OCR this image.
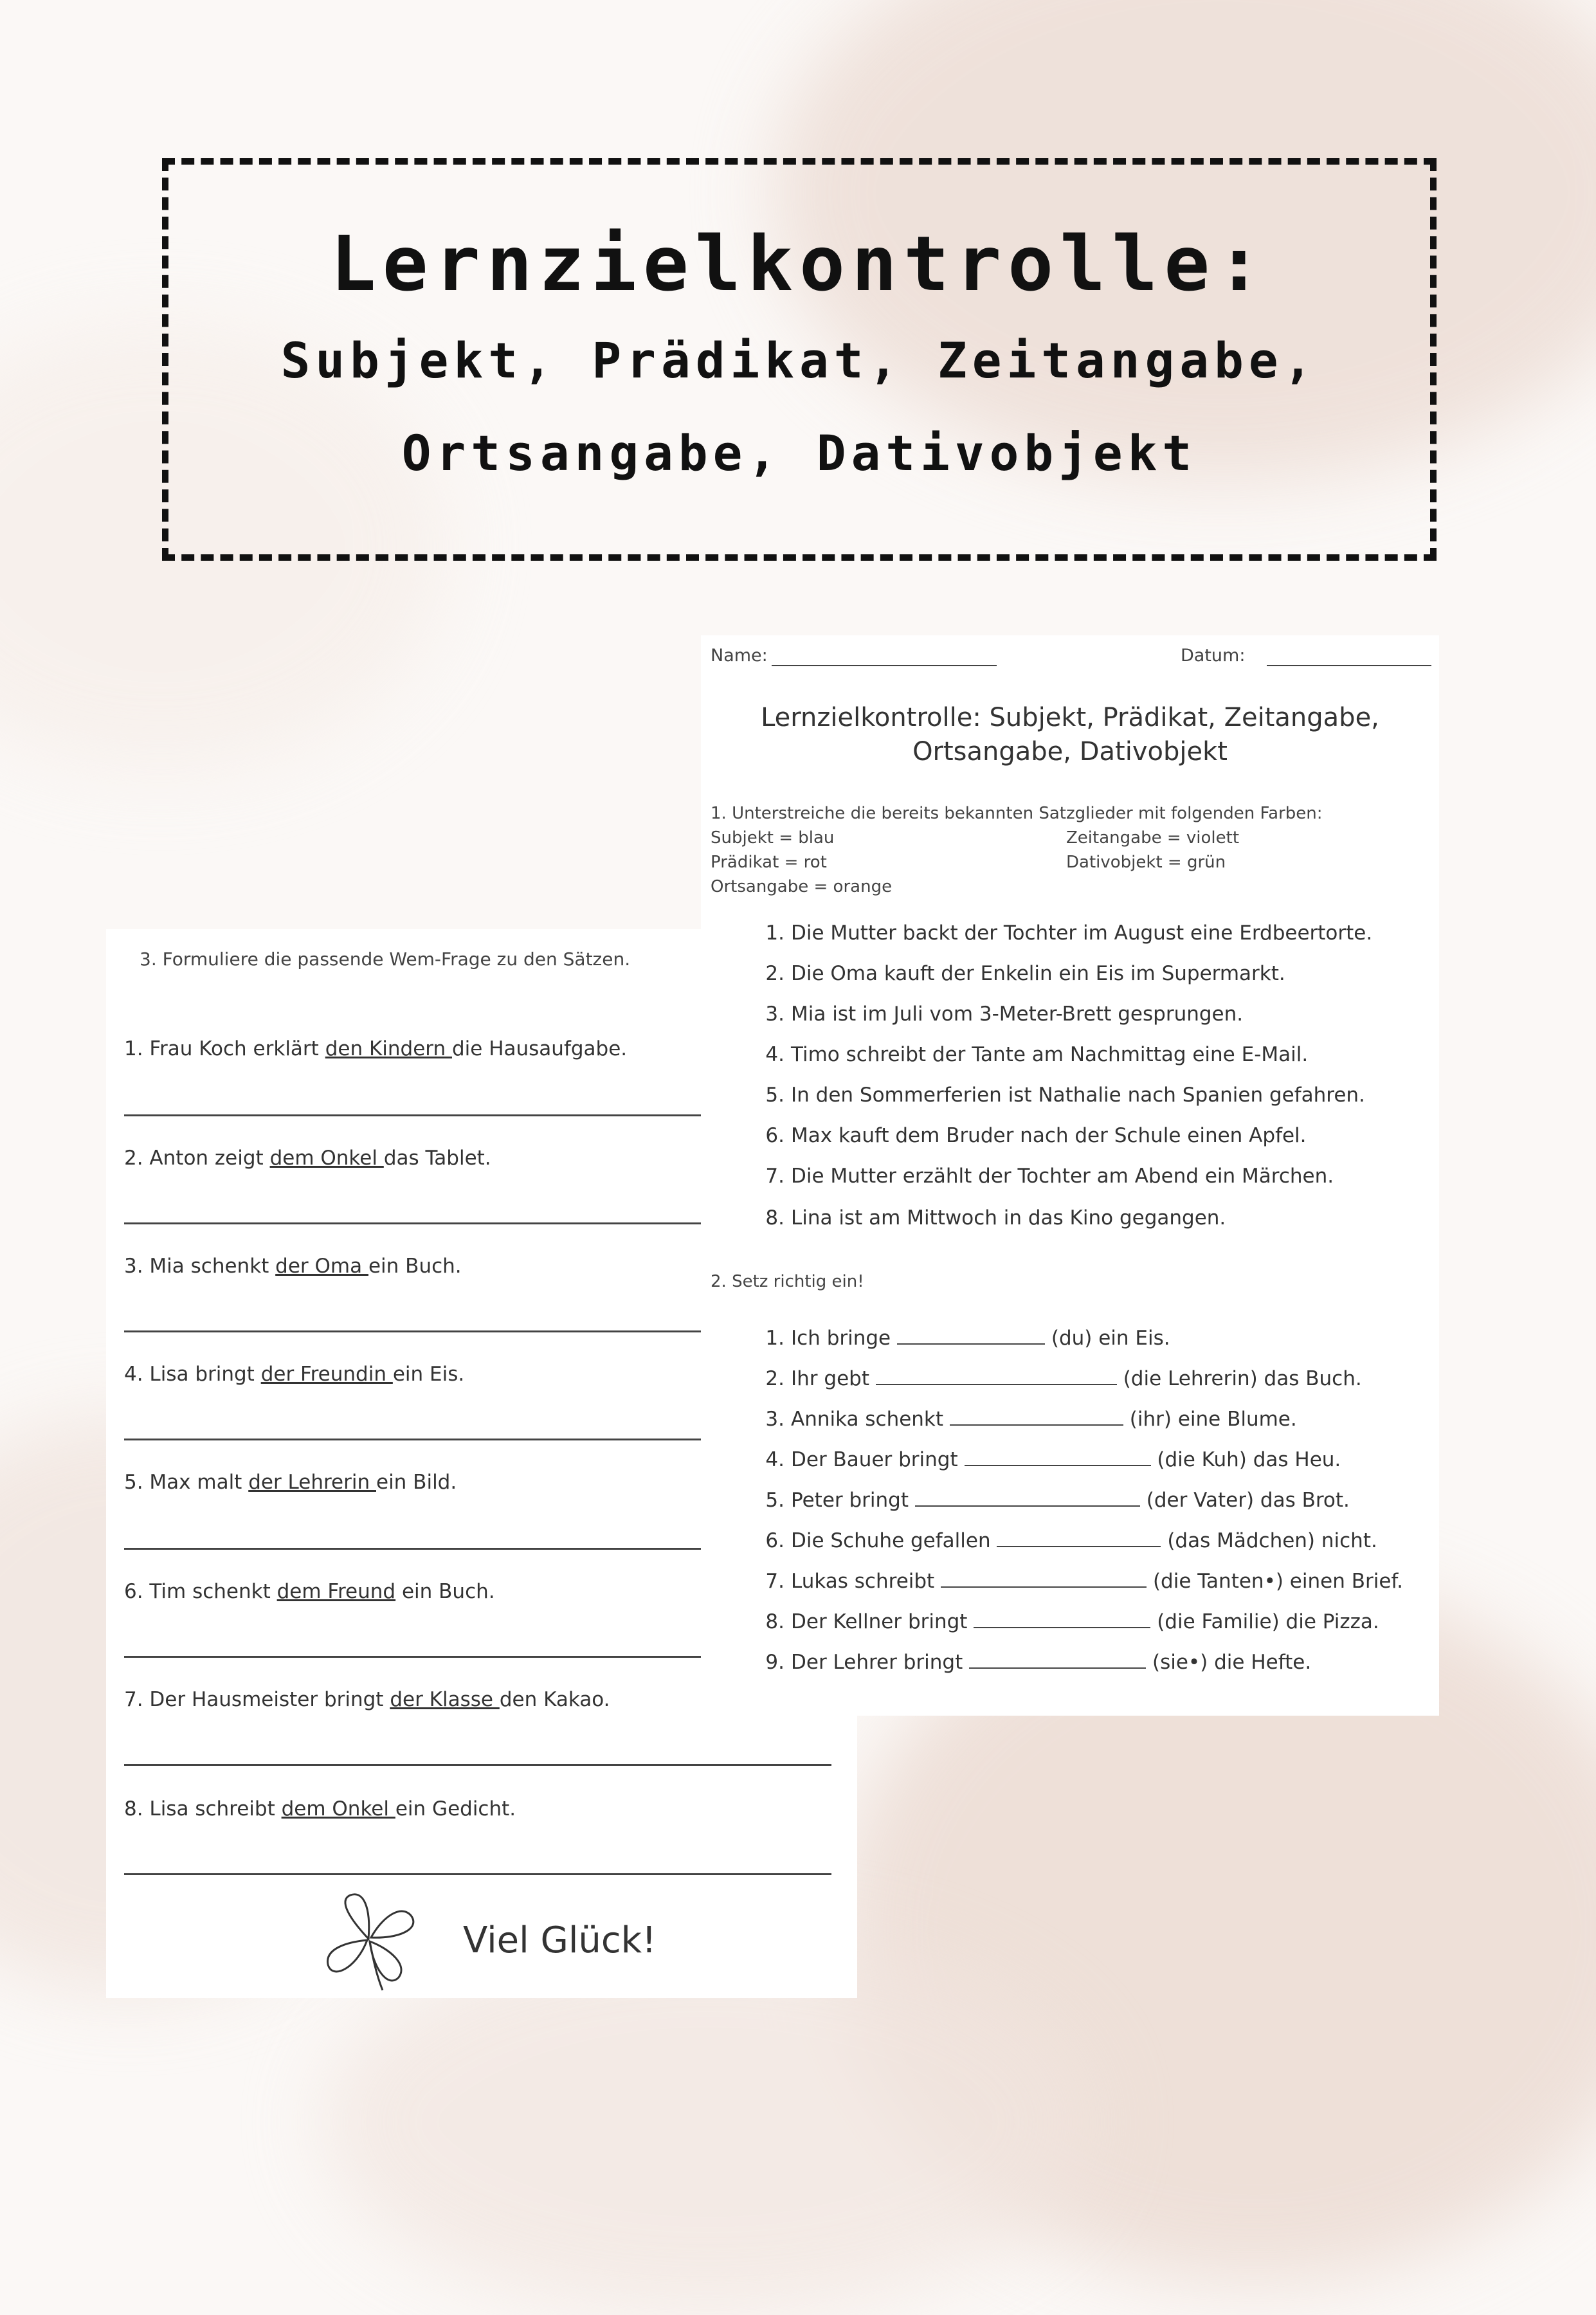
Lernzielkontrolle:
Subjekt, Prädikat, Zeitangabe,
Ortsangabe, Dativobjekt
3. Formuliere die passende Wem-Frage zu den Sätzen.
1. Frau Koch erklärt den Kindern die Hausaufgabe.
2. Anton zeigt dem Onkel das Tablet.
3. Mia schenkt der Oma ein Buch.
4. Lisa bringt der Freundin ein Eis.
5. Max malt der Lehrerin ein Bild.
6. Tim schenkt dem Freund ein Buch.
7. Der Hausmeister bringt der Klasse den Kakao.
8. Lisa schreibt dem Onkel ein Gedicht.
Viel Glück!
Name:	Datum:
Lernzielkontrolle: Subjekt, Prädikat, Zeitangabe,
Ortsangabe, Dativobjekt
1. Unterstreiche die bereits bekannten Satzglieder mit folgenden Farben:
Subjekt = blau
Prädikat = rot
Ortsangabe = orange
Zeitangabe = violett
Dativobjekt = grün
1. Die Mutter backt der Tochter im August eine Erdbeertorte.
2. Die Oma kauft der Enkelin ein Eis im Supermarkt.
3. Mia ist im Juli vom 3-Meter-Brett gesprungen.
4. Timo schreibt der Tante am Nachmittag eine E-Mail.
5. In den Sommerferien ist Nathalie nach Spanien gefahren.
6. Max kauft dem Bruder nach der Schule einen Apfel.
7. Die Mutter erzählt der Tochter am Abend ein Märchen.
8. Lina ist am Mittwoch in das Kino gegangen.
2. Setz richtig ein!
1. Ich bringe	(du) ein Eis.
2. Ihr gebt	(die Lehrerin) das Buch.
3. Annika schenkt	(ihr) eine Blume.
4. Der Bauer bringt	(die Kuh) das Heu.
5. Peter bringt	(der Vater) das Brot.
6. Die Schuhe gefallen	(das Mädchen) nicht.
7. Lukas schreibt	(die Tanten•) einen Brief.
8. Der Kellner bringt	(die Familie) die Pizza.
9. Der Lehrer bringt	(sie•) die Hefte.
